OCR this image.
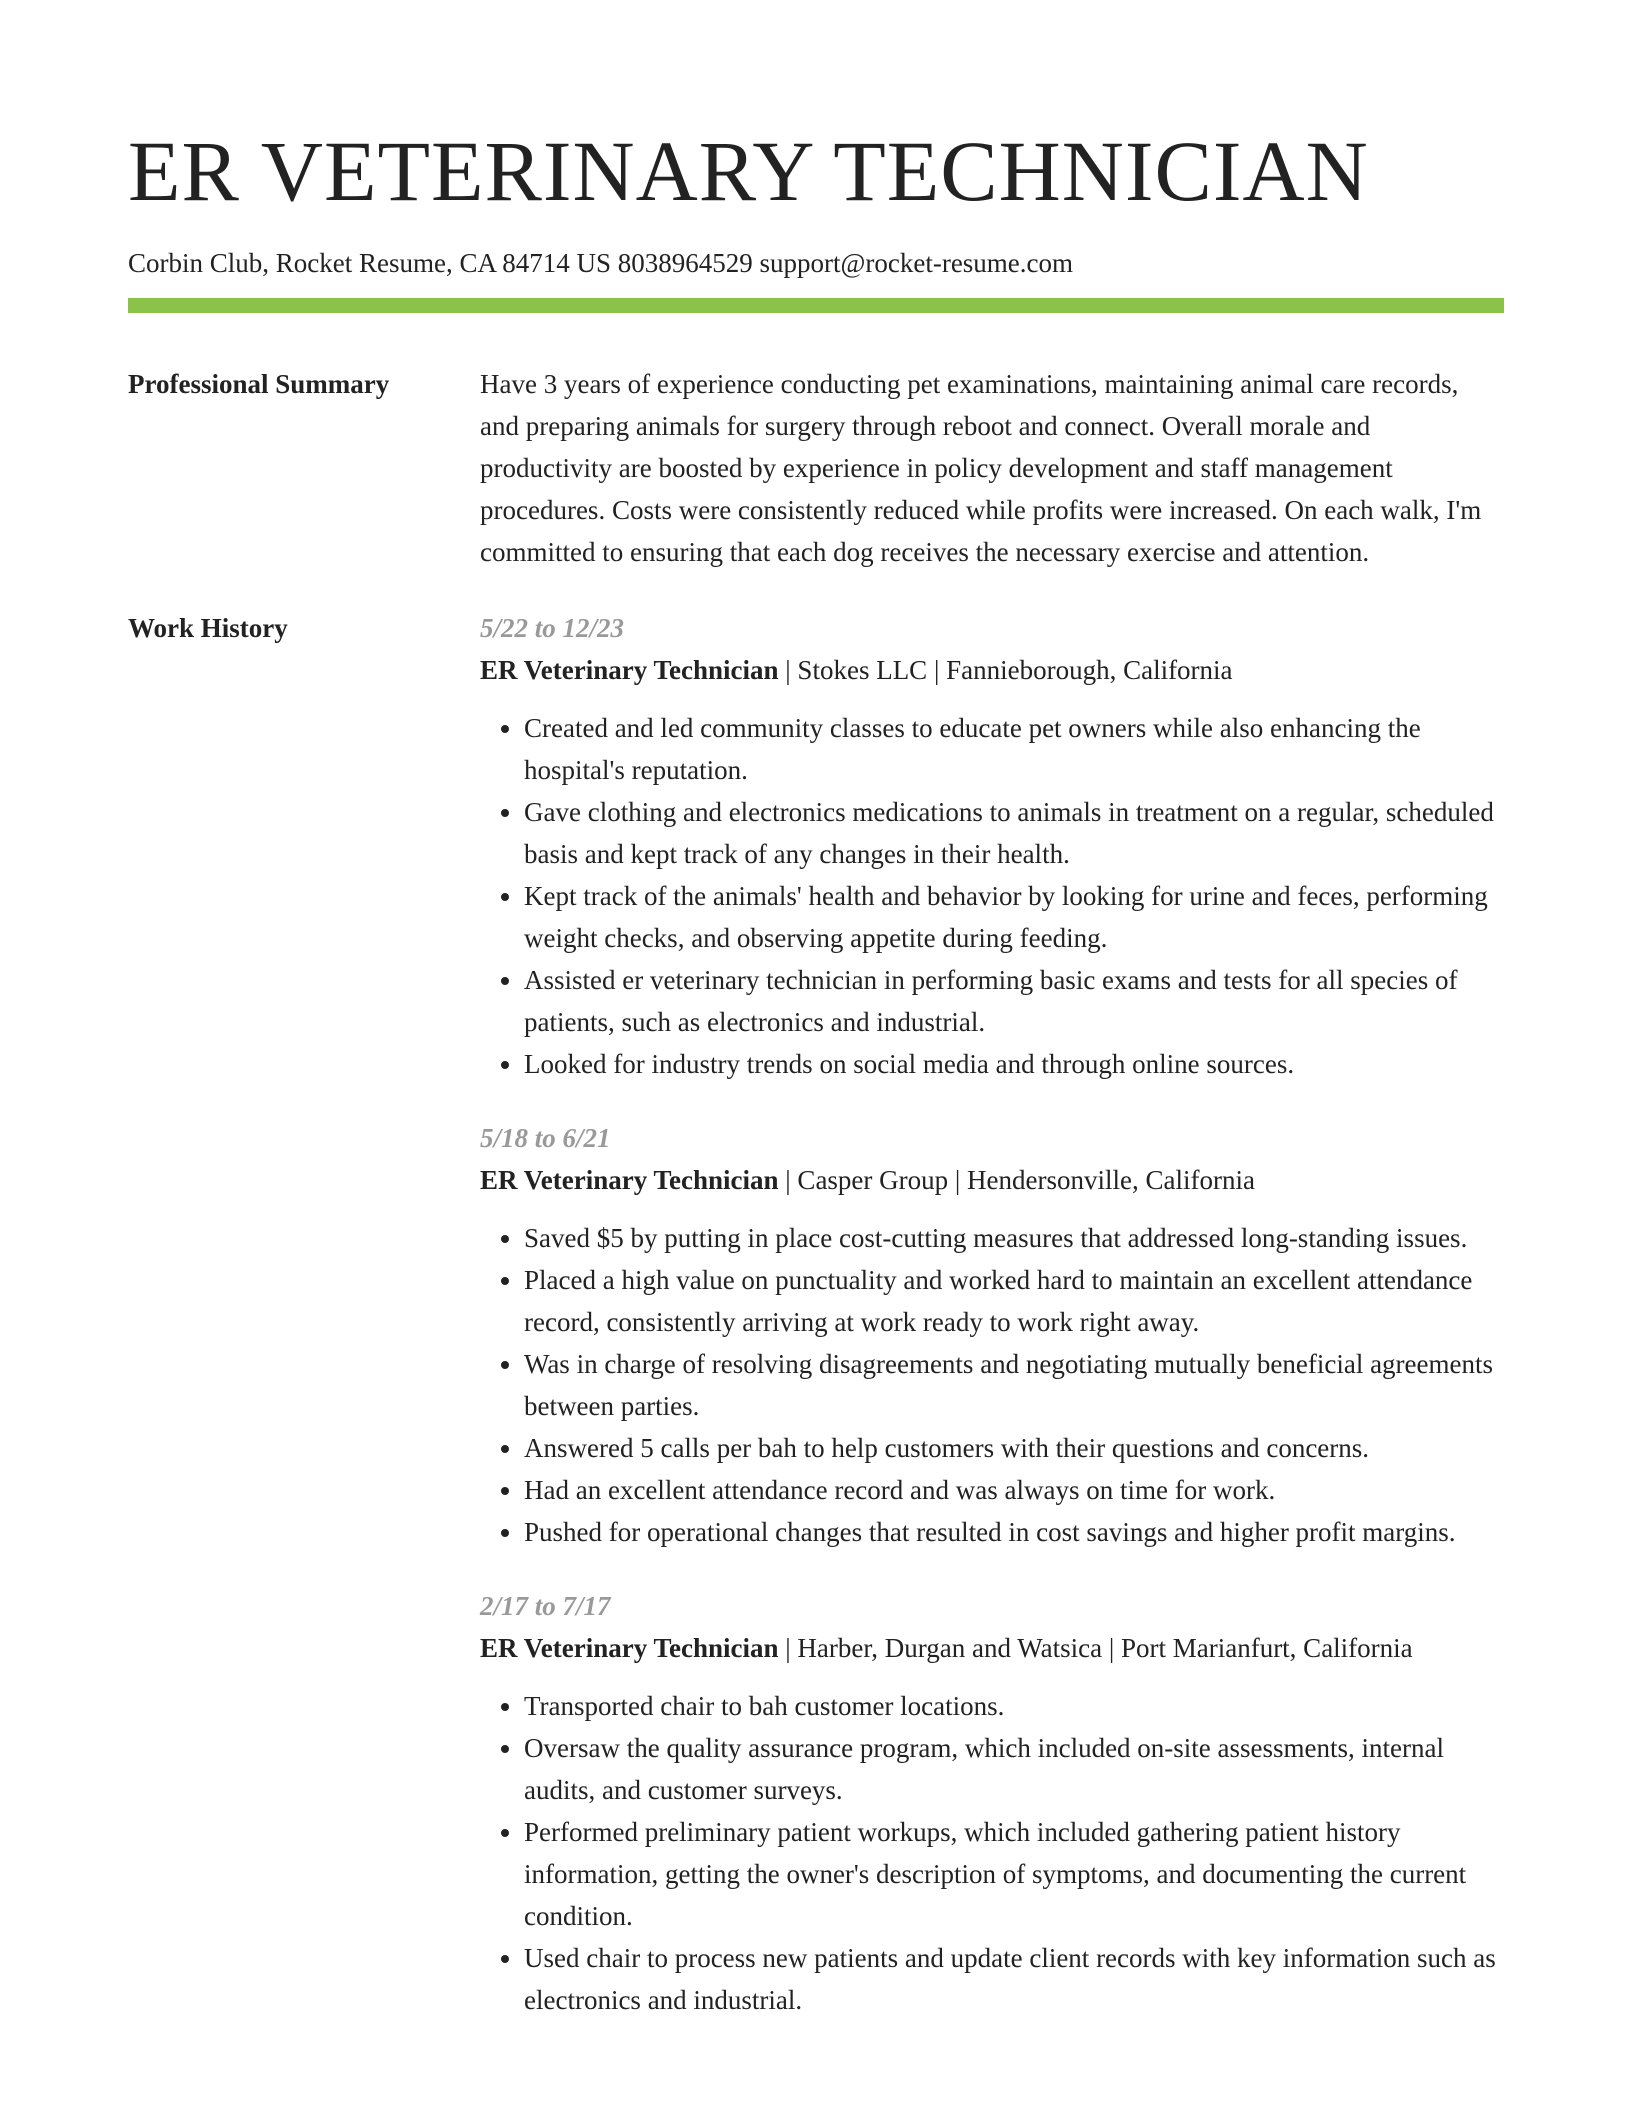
ER VETERINARY TECHNICIAN
Corbin Club, Rocket Resume, CA 84714 US 8038964529 support@rocket-resume.com
Professional Summary	Have 3 years of experience conducting pet examinations, maintaining animal care records, and preparing animals for surgery through reboot and connect. Overall morale and productivity are boosted by experience in policy development and staff management procedures. Costs were consistently reduced while profits were increased. On each walk, I'm committed to ensuring that each dog receives the necessary exercise and attention.

Work History	5/22 to 12/23
ER Veterinary Technician | Stokes LLC | Fannieborough, California
• Created and led community classes to educate pet owners while also enhancing the hospital's reputation.
• Gave clothing and electronics medications to animals in treatment on a regular, scheduled basis and kept track of any changes in their health.
• Kept track of the animals' health and behavior by looking for urine and feces, performing weight checks, and observing appetite during feeding.
• Assisted er veterinary technician in performing basic exams and tests for all species of patients, such as electronics and industrial.
• Looked for industry trends on social media and through online sources.
5/18 to 6/21
ER Veterinary Technician | Casper Group | Hendersonville, California
• Saved $5 by putting in place cost-cutting measures that addressed long-standing issues.
• Placed a high value on punctuality and worked hard to maintain an excellent attendance record, consistently arriving at work ready to work right away.
• Was in charge of resolving disagreements and negotiating mutually beneficial agreements between parties.
• Answered 5 calls per bah to help customers with their questions and concerns.
• Had an excellent attendance record and was always on time for work.
• Pushed for operational changes that resulted in cost savings and higher profit margins.
2/17 to 7/17
ER Veterinary Technician | Harber, Durgan and Watsica | Port Marianfurt, California
• Transported chair to bah customer locations.
• Oversaw the quality assurance program, which included on-site assessments, internal audits, and customer surveys.
• Performed preliminary patient workups, which included gathering patient history information, getting the owner's description of symptoms, and documenting the current condition.
• Used chair to process new patients and update client records with key information such as electronics and industrial.
